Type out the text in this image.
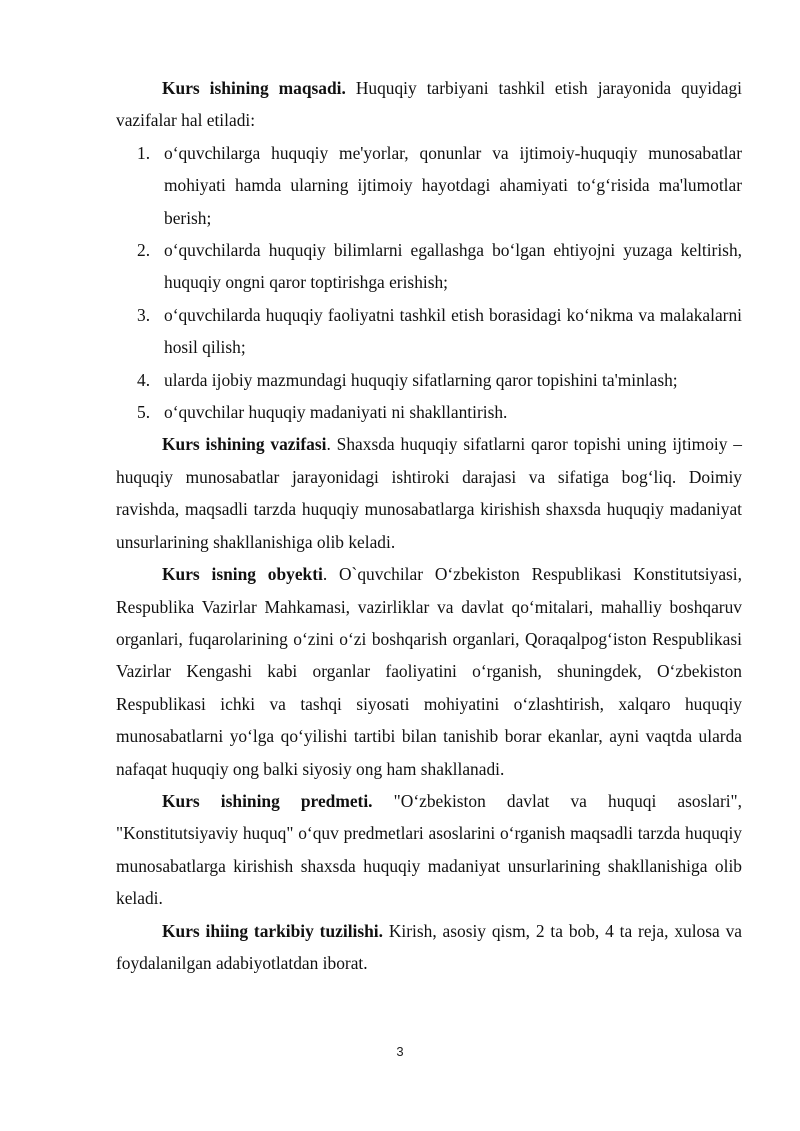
Kurs ishining maqsadi. Huquqiy tarbiyani tashkil etish jarayonida quyidagi vazifalar hal etiladi:

1. o‘quvchilarga huquqiy me'yorlar, qonunlar va ijtimoiy-huquqiy munosabatlar mohiyati hamda ularning ijtimoiy hayotdagi ahamiyati to‘g‘risida ma'lumotlar berish;
2. o‘quvchilarda huquqiy bilimlarni egallashga bo‘lgan ehtiyojni yuzaga keltirish, huquqiy ongni qaror toptirishga erishish;
3. o‘quvchilarda huquqiy faoliyatni tashkil etish borasidagi ko‘nikma va malakalarni hosil qilish;
4. ularda ijobiy mazmundagi huquqiy sifatlarning qaror topishini ta'minlash;
5. o‘quvchilar huquqiy madaniyati ni shakllantirish.

Kurs ishining vazifasi. Shaxsda huquqiy sifatlarni qaror topishi uning ijtimoiy – huquqiy munosabatlar jarayonidagi ishtiroki darajasi va sifatiga bog‘liq. Doimiy ravishda, maqsadli tarzda huquqiy munosabatlarga kirishish shaxsda huquqiy madaniyat unsurlarining shakllanishiga olib keladi.

Kurs isning obyekti. O`quvchilar O‘zbekiston Respublikasi Konstitutsiyasi, Respublika Vazirlar Mahkamasi, vazirliklar va davlat qo‘mitalari, mahalliy boshqaruv organlari, fuqarolarining o‘zini o‘zi boshqarish organlari, Qoraqalpog‘iston Respublikasi Vazirlar Kengashi kabi organlar faoliyatini o‘rganish, shuningdek, O‘zbekiston Respublikasi ichki va tashqi siyosati mohiyatini o‘zlashtirish, xalqaro huquqiy munosabatlarni yo‘lga qo‘yilishi tartibi bilan tanishib borar ekanlar, ayni vaqtda ularda nafaqat huquqiy ong balki siyosiy ong ham shakllanadi.

Kurs ishining predmeti. "O‘zbekiston davlat va huquqi asoslari", "Konstitutsiyaviy huquq" o‘quv predmetlari asoslarini o‘rganish maqsadli tarzda huquqiy munosabatlarga kirishish shaxsda huquqiy madaniyat unsurlarining shakllanishiga olib keladi.

Kurs ihiing tarkibiy tuzilishi. Kirish, asosiy qism, 2 ta bob, 4 ta reja, xulosa va foydalanilgan adabiyotlatdan iborat.

3
